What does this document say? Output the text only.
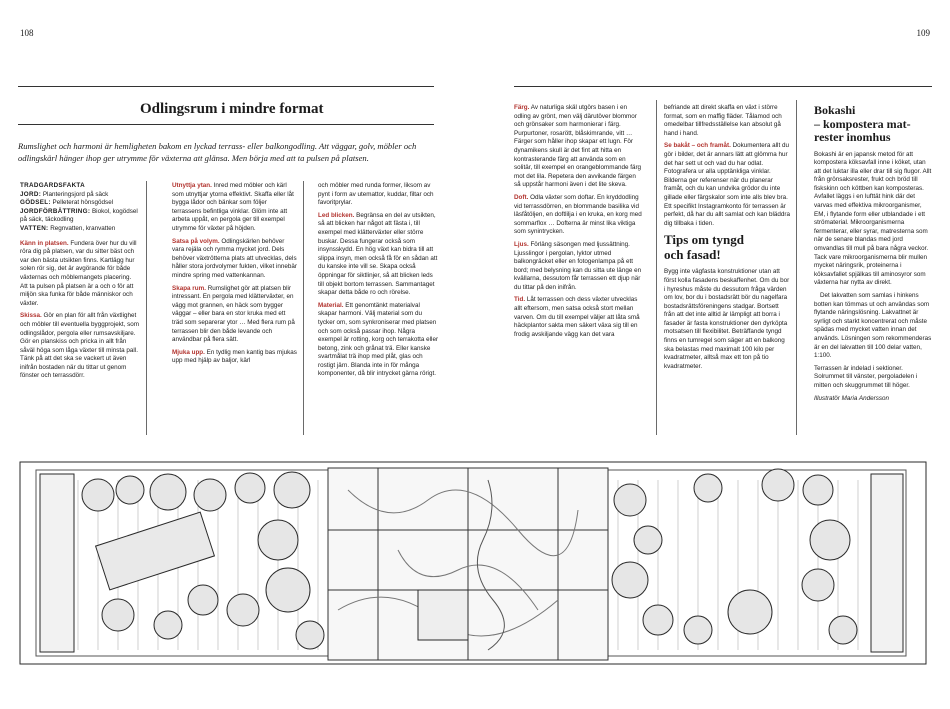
108	109
Odlingsrum i mindre format
Rumslighet och harmoni är hemligheten bakom en lyckad terrass- eller balkongodling. Att väggar, golv, möbler och odlingskärl hänger ihop ger utrymme för växterna att glänsa. Men börja med att ta pulsen på platsen.
TRÄDGÅRDSFAKTA
JORD: Planteringsjord på säck
GÖDSEL: Pelleterat hönsgödsel
JORDFÖRBÄTTRING: Biokol, kogödsel på säck, täckodling
VATTEN: Regnvatten, kranvatten

Känn in platsen. Fundera över hur du vill röra dig på platsen, var du sitter bäst och var den bästa utsikten finns. Kartlägg hur solen rör sig, det är avgörande för både växternas och möblemangets placering. Att ta pulsen på platsen är a och o för att miljön ska funka för både människor och växter.

Skissa. Gör en plan för allt från växtlighet och möbler till eventuella byggprojekt, som odlingslådor, pergola eller rumsavskiljare. Gör en planskiss och pricka in allt från såväl höga som låga växter till minsta pall. Tänk på att det ska se vackert ut även inifrån bostaden när du tittar ut genom fönster och terrassdörr.

Utnyttja ytan. Inred med möbler och kärl som utnyttjar ytorna effektivt. Skaffa eller låt bygga lådor och bänkar som följer terrassens befintliga vinklar. Glöm inte att arbeta uppåt, en pergola ger till exempel utrymme för växter på höjden.

Satsa på volym. Odlingskärlen behöver vara rejäla och rymma mycket jord. Dels behöver växtrötterna plats att utvecklas, dels håller stora jordvolymer fukten, vilket innebär mindre spring med vattenkannan.

Skapa rum. Rumslighet gör att platsen blir intressant. En pergola med klätterväxter, en vägg mot grannen, en häck som bygger väggar – eller bara en stor kruka med ett träd som separerar ytor … Med flera rum på terrassen blir den både levande och användbar på flera sätt.

Mjuka upp. En tydlig men kantig bas mjukas upp med hjälp av baljor, kärl

och möbler med runda former, liksom av pynt i form av utemattor, kuddar, filtar och favoritprylar.

Led blicken. Begränsa en del av utsikten, så att blicken har något att fästa i, till exempel med klätterväxter eller större buskar. Dessa fungerar också som insynsskydd. En hög växt kan bidra till att slippa insyn, men också få för en sådan att du kanske inte vill se. Skapa också öppningar för siktlinjer, så att blicken leds till objekt bortom terrassen. Sammantaget skapar detta både ro och rörelse.

Material. Ett genomtänkt materialval skapar harmoni. Välj material som du tycker om, som synkroniserar med platsen och som också passar ihop. Några exempel är rotting, korg och terrakotta eller betong, zink och grånat trä. Eller kanske svartmålat trä ihop med plåt, glas och rostigt järn. Blanda inte in för många komponenter, då blir intrycket gärna rörigt.

Färg. Av naturliga skäl utgörs basen i en odling av grönt, men välj därutöver blommor och grönsaker som harmonierar i färg. Purpurtoner, rosarött, blåskimrande, vitt … Färger som håller ihop skapar ett lugn. För dynamikens skull är det fint att hitta en kontrasterande färg att använda som en solitär, till exempel en orangeblommande färg mot det lila. Repetera den avvikande färgen så uppstår harmoni även i det lite skeva.

Doft. Odla växter som doftar. En kryddodling vid terrassdörren, en blommande basilika vid läsfåtöljen, en doftlilja i en kruka, en korg med sommarflox … Dofterna är minst lika viktiga som synintrycken.

Ljus. Förläng säsongen med ljussättning. Ljusslingor i pergolan, lyktor utmed balkongräcket eller en fotogenlampa på ett bord; med belysning kan du sitta ute länge en kvällarna, dessutom får terrassen ett djup när du tittar på den inifrån.

Tid. Låt terrassen och dess växter utvecklas allt eftersom, men satsa också stort mellan varven. Om du till exempel väljer att låta små häckplantor sakta men säkert växa sig till en frodig avskiljande vägg kan det vara

befriande att direkt skaffa en växt i större format, som en maffig fläder. Tålamod och omedelbar tillfredsställelse kan absolut gå hand i hand.

Se bakåt – och framåt. Dokumentera allt du gör i bilder, det är annars lätt att glömma hur det har sett ut och vad du har odlat. Fotografera ur alla upptänkliga vinklar. Bilderna ger referenser när du planerar framåt, och du kan undvika grödor du inte gillade eller färgskalor som inte alls blev bra. Ett specifikt Instagramkonto för terrassen är perfekt, då har du allt samlat och kan bläddra dig tillbaka i tiden.

Tips om tyngd
och fasad!

Bygg inte vägfasta konstruktioner utan att först kolla fasadens beskaffenhet. Om du bor i hyreshus måste du dessutom fråga värden om lov, bor du i bostadsrätt bör du nagelfara bostadsrättsföreningens stadgar. Bortsett från att det inte alltid är lämpligt att borra i fasader är fasta konstruktioner den dyrköpta motsatsen till flexibilitet. Beträffande tyngd finns en tumregel som säger att en balkong ska belastas med maximalt 100 kilo per kvadratmeter, alltså max ett ton på tio kvadratmeter.

Bokashi
– kompostera mat-
rester inomhus

Bokashi är en japansk metod för att kompostera köksavfall inne i köket, utan att det luktar illa eller drar till sig flugor. Allt från grönsaksrester, frukt och bröd till fiskskinn och köttben kan komposteras. Avfallet läggs i en lufttät hink där det varvas med effektiva mikroorganismer, EM, i flytande form eller utblandade i ett strömaterial. Mikroorganismerna fermenterar, eller syrar, matresterna som när de senare blandas med jord omvandlas till mull på bara några veckor. Tack vare mikroorganismerna blir mullen mycket näringsrik, proteinerna i köksavfallet spjälkas till aminosyror som växterna har nytta av direkt.

Det lakvatten som samlas i hinkens botten kan tömmas ut och användas som flytande näringslösning. Lakvattnet är syrligt och starkt koncentrerat och måste spädas med mycket vatten innan det används. Lösningen som rekommenderas är en del lakvatten till 100 delar vatten, 1:100.

Terrassen är indelad i sektioner. Solrummet till vänster, pergoladelen i mitten och skuggrummet till höger.

Illustratör Maria Andersson
